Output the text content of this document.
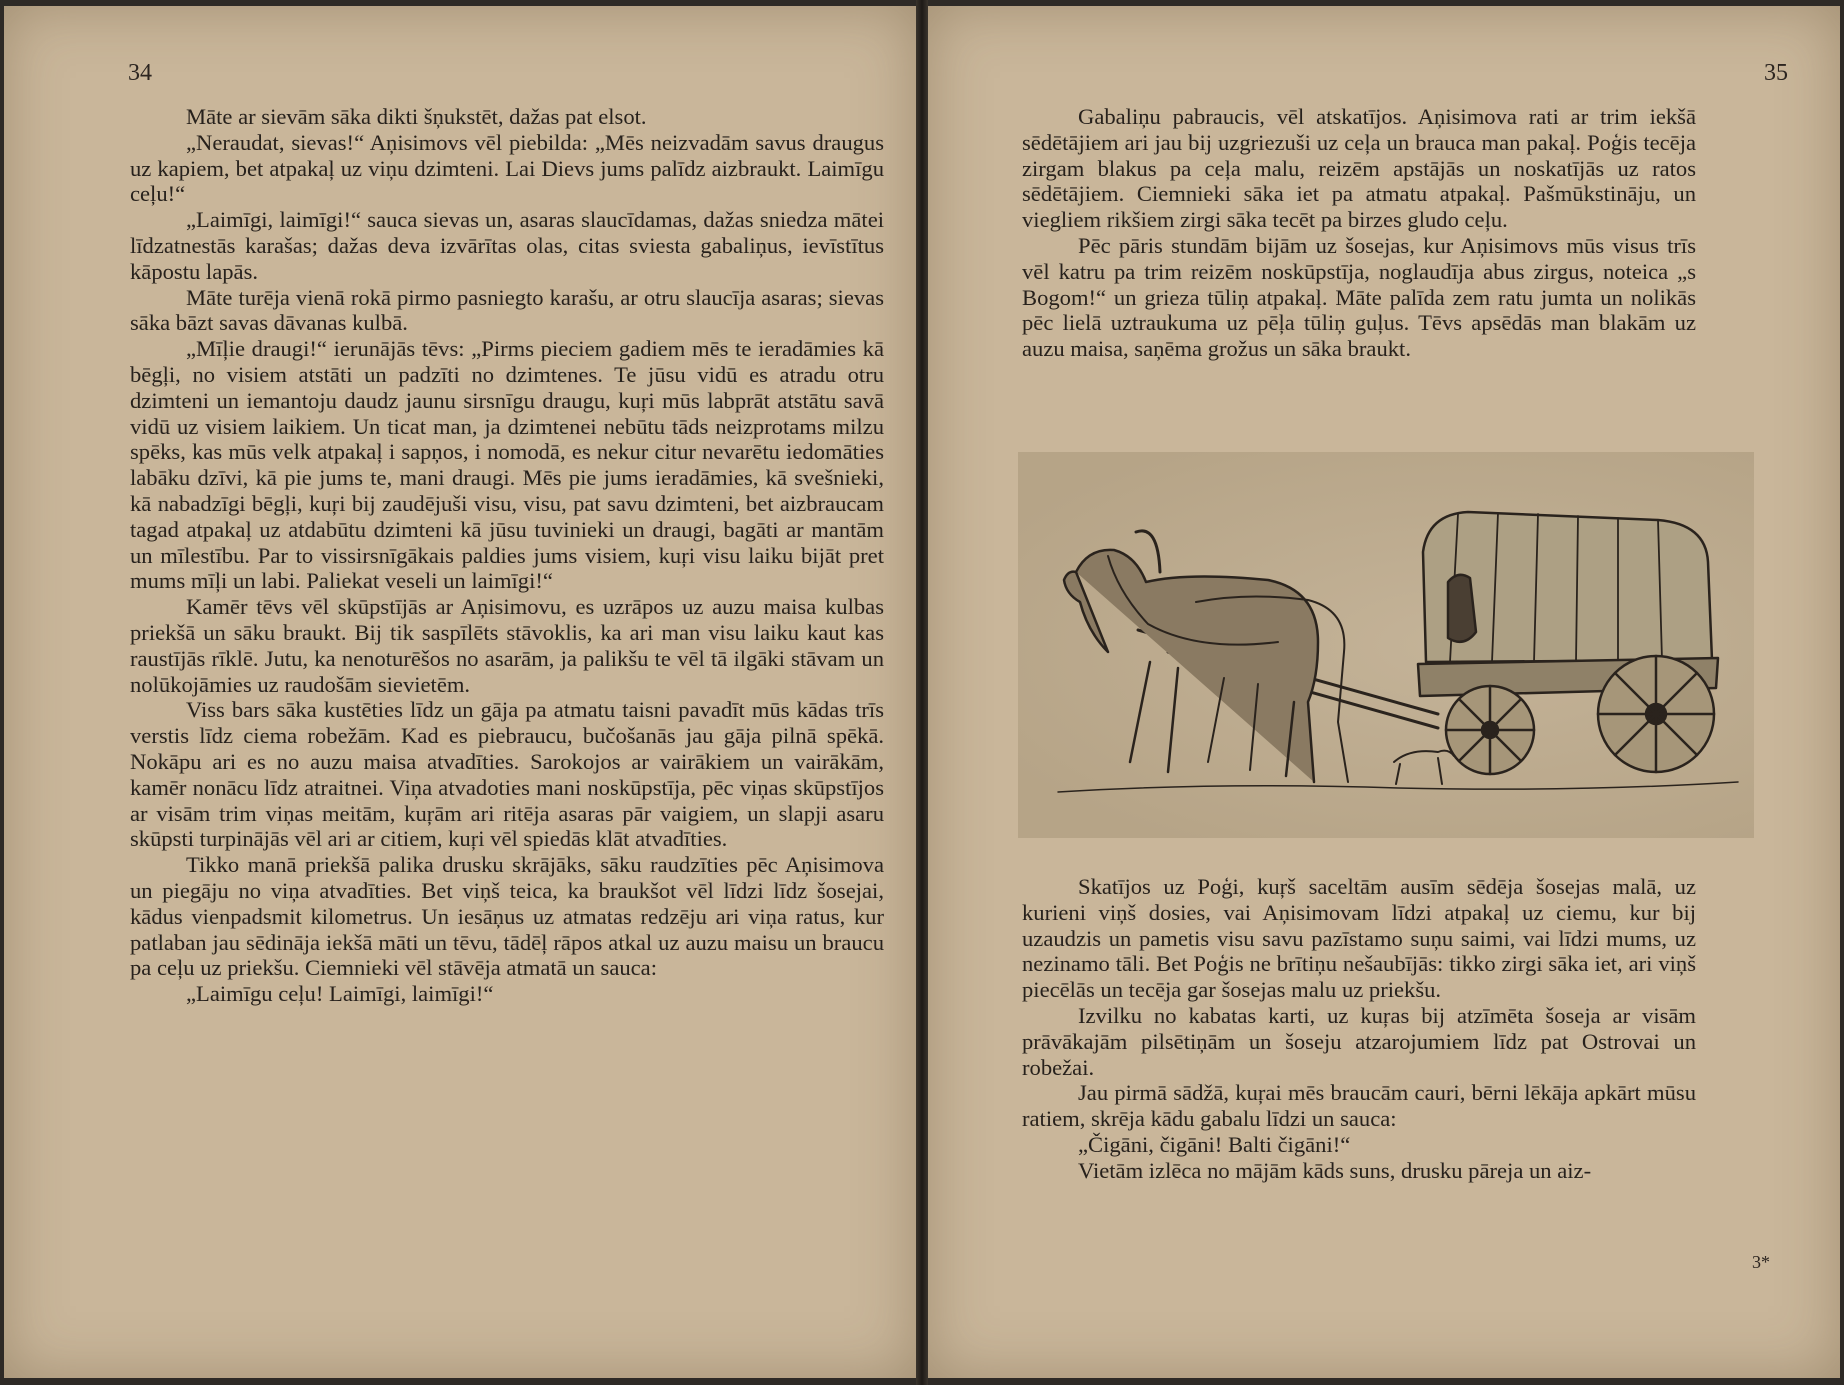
34

Māte ar sievām sāka dikti šņukstēt, dažas pat elsot.

„Neraudat, sievas!“ Aņisimovs vēl piebilda: „Mēs neizvadām savus draugus uz kapiem, bet atpakaļ uz viņu dzimteni. Lai Dievs jums palīdz aizbraukt. Laimīgu ceļu!“

„Laimīgi, laimīgi!“ sauca sievas un, asaras slaucīdamas, dažas sniedza mātei līdzatnestās karašas; dažas deva izvārītas olas, citas sviesta gabaliņus, ievīstītus kāpostu lapās.

Māte turēja vienā rokā pirmo pasniegto karašu, ar otru slaucīja asaras; sievas sāka bāzt savas dāvanas kulbā.

„Mīļie draugi!“ ierunājās tēvs: „Pirms pieciem gadiem mēs te ieradāmies kā bēgļi, no visiem atstāti un padzīti no dzimtenes. Te jūsu vidū es atradu otru dzimteni un iemantoju daudz jaunu sirsnīgu draugu, kuŗi mūs labprāt atstātu savā vidū uz visiem laikiem. Un ticat man, ja dzimtenei nebūtu tāds neizprotams milzu spēks, kas mūs velk atpakaļ i sapņos, i nomodā, es nekur citur nevarētu iedomāties labāku dzīvi, kā pie jums te, mani draugi. Mēs pie jums ieradāmies, kā svešnieki, kā nabadzīgi bēgļi, kuŗi bij zaudējuši visu, visu, pat savu dzimteni, bet aizbraucam tagad atpakaļ uz atdabūtu dzimteni kā jūsu tuvinieki un draugi, bagāti ar mantām un mīlestību. Par to vissirsnīgākais paldies jums visiem, kuŗi visu laiku bijāt pret mums mīļi un labi. Paliekat veseli un laimīgi!“

Kamēr tēvs vēl skūpstījās ar Aņisimovu, es uzrāpos uz auzu maisa kulbas priekšā un sāku braukt. Bij tik saspīlēts stāvoklis, ka ari man visu laiku kaut kas raustījās rīklē. Jutu, ka nenoturēšos no asarām, ja palikšu te vēl tā ilgāki stāvam un nolūkojāmies uz raudošām sievietēm.

Viss bars sāka kustēties līdz un gāja pa atmatu taisni pavadīt mūs kādas trīs verstis līdz ciema robežām. Kad es piebraucu, bučošanās jau gāja pilnā spēkā. Nokāpu ari es no auzu maisa atvadīties. Sarokojos ar vairākiem un vairākām, kamēr nonācu līdz atraitnei. Viņa atvadoties mani noskūpstīja, pēc viņas skūpstījos ar visām trim viņas meitām, kuŗām ari ritēja asaras pār vaigiem, un slapji asaru skūpsti turpinājās vēl ari ar citiem, kuŗi vēl spiedās klāt atvadīties.

Tikko manā priekšā palika drusku skrājāks, sāku raudzīties pēc Aņisimova un piegāju no viņa atvadīties. Bet viņš teica, ka braukšot vēl līdzi līdz šosejai, kādus vienpadsmit kilometrus. Un iesāņus uz atmatas redzēju ari viņa ratus, kur patlaban jau sēdināja iekšā māti un tēvu, tādēļ rāpos atkal uz auzu maisu un braucu pa ceļu uz priekšu. Ciemnieki vēl stāvēja atmatā un sauca:

„Laimīgu ceļu! Laimīgi, laimīgi!“

35

Gabaliņu pabraucis, vēl atskatījos. Aņisimova rati ar trim iekšā sēdētājiem ari jau bij uzgriezuši uz ceļa un brauca man pakaļ. Poģis tecēja zirgam blakus pa ceļa malu, reizēm apstājās un noskatījās uz ratos sēdētājiem. Ciemnieki sāka iet pa atmatu atpakaļ. Pašmūkstināju, un viegliem rikšiem zirgi sāka tecēt pa birzes gludo ceļu.

Pēc pāris stundām bijām uz šosejas, kur Aņisimovs mūs visus trīs vēl katru pa trim reizēm noskūpstīja, noglaudīja abus zirgus, noteica „s Bogom!“ un grieza tūliņ atpakaļ. Māte palīda zem ratu jumta un nolikās pēc lielā uztraukuma uz pēļa tūliņ guļus. Tēvs apsēdās man blakām uz auzu maisa, saņēma grožus un sāka braukt.

Skatījos uz Poģi, kuŗš saceltām ausīm sēdēja šosejas malā, uz kurieni viņš dosies, vai Aņisimovam līdzi atpakaļ uz ciemu, kur bij uzaudzis un pametis visu savu pazīstamo suņu saimi, vai līdzi mums, uz nezinamo tāli. Bet Poģis ne brītiņu nešaubījās: tikko zirgi sāka iet, ari viņš piecēlās un tecēja gar šosejas malu uz priekšu.

Izvilku no kabatas karti, uz kuŗas bij atzīmēta šoseja ar visām prāvākajām pilsētiņām un šoseju atzarojumiem līdz pat Ostrovai un robežai.

Jau pirmā sādžā, kuŗai mēs braucām cauri, bērni lēkāja apkārt mūsu ratiem, skrēja kādu gabalu līdzi un sauca:

„Čigāni, čigāni! Balti čigāni!“

Vietām izlēca no mājām kāds suns, drusku pāreja un aiz-

3*
